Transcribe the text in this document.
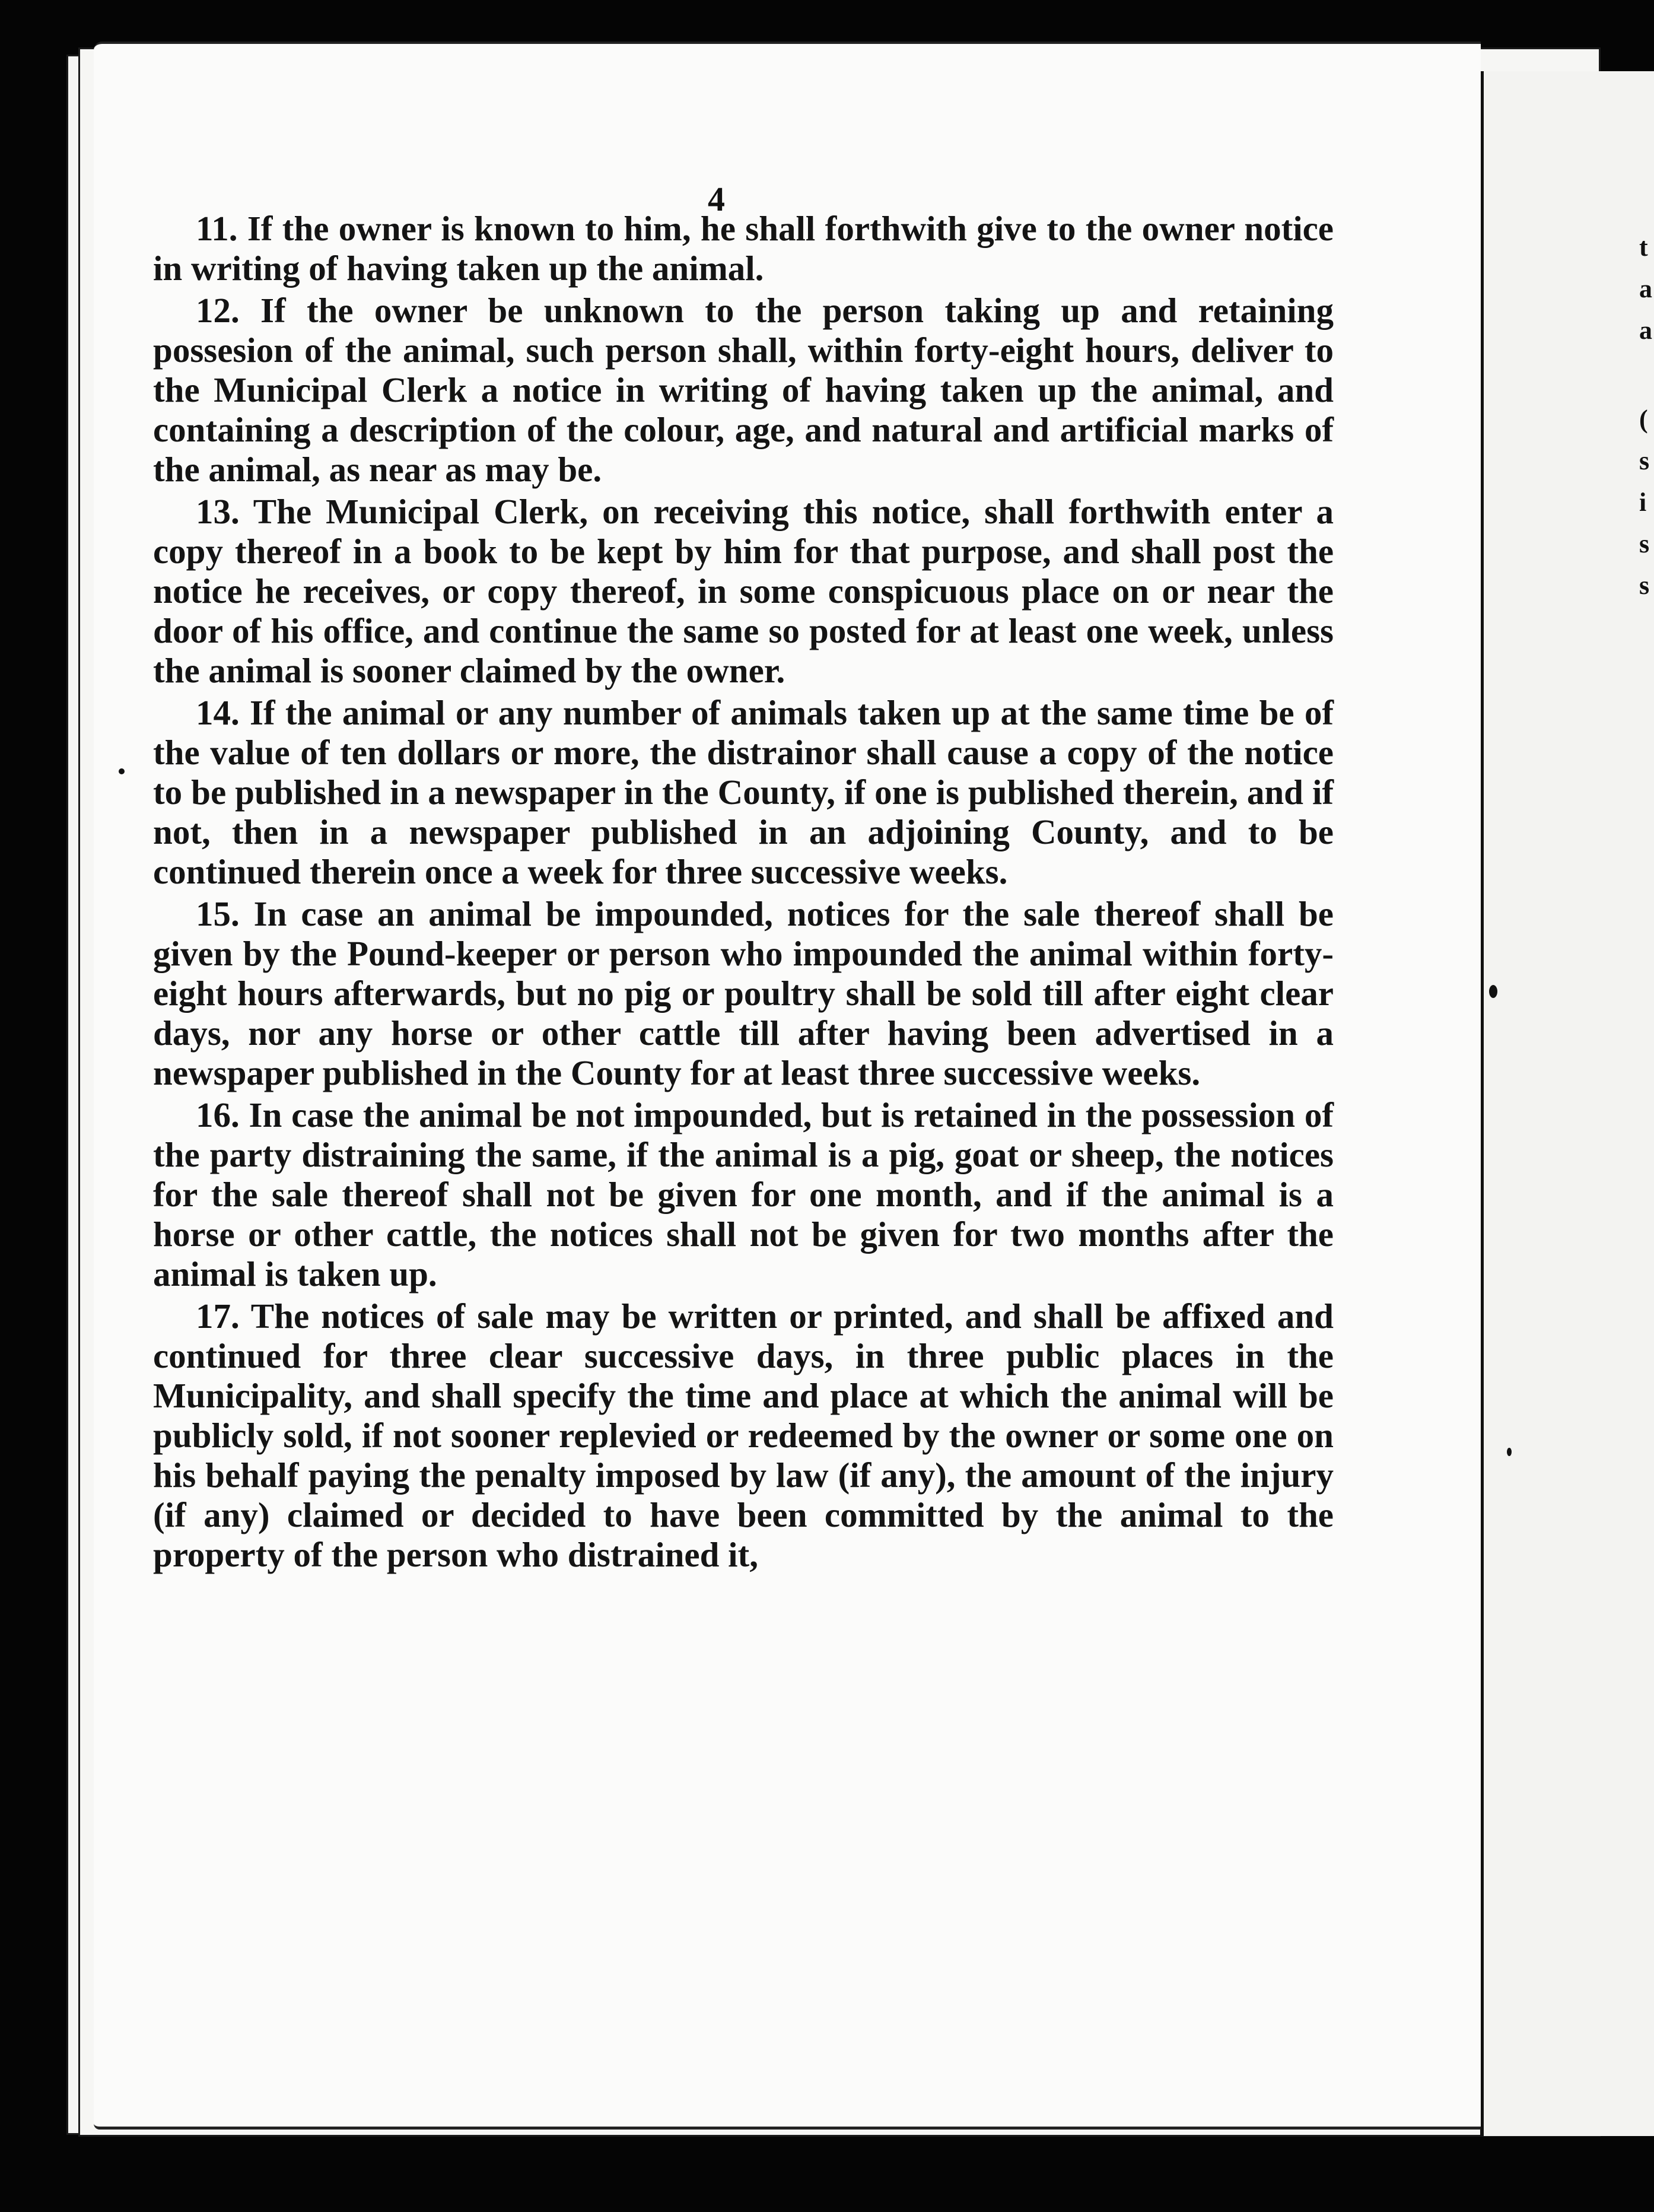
t
a
a
(
s
i
s
s
4

11. If the owner is known to him, he shall forthwith give to the owner notice in writing of having taken up the animal.

12. If the owner be unknown to the person taking up and retaining possesion of the animal, such person shall, within forty-eight hours, deliver to the Municipal Clerk a notice in writing of having taken up the animal, and containing a description of the colour, age, and natural and artificial marks of the animal, as near as may be.

13. The Municipal Clerk, on receiving this notice, shall forthwith enter a copy thereof in a book to be kept by him for that purpose, and shall post the notice he receives, or copy thereof, in some conspicuous place on or near the door of his office, and continue the same so posted for at least one week, unless the animal is sooner claimed by the owner.

14. If the animal or any number of animals taken up at the same time be of the value of ten dollars or more, the distrainor shall cause a copy of the notice to be published in a newspaper in the County, if one is published therein, and if not, then in a newspaper published in an adjoining County, and to be continued therein once a week for three successive weeks.

15. In case an animal be impounded, notices for the sale thereof shall be given by the Pound-keeper or person who impounded the animal within forty-eight hours afterwards, but no pig or poultry shall be sold till after eight clear days, nor any horse or other cattle till after having been advertised in a newspaper published in the County for at least three successive weeks.

16. In case the animal be not impounded, but is retained in the possession of the party distraining the same, if the animal is a pig, goat or sheep, the notices for the sale thereof shall not be given for one month, and if the animal is a horse or other cattle, the notices shall not be given for two months after the animal is taken up.

17. The notices of sale may be written or printed, and shall be affixed and continued for three clear successive days, in three public places in the Municipality, and shall specify the time and place at which the animal will be publicly sold, if not sooner replevied or redeemed by the owner or some one on his behalf paying the penalty imposed by law (if any), the amount of the injury (if any) claimed or decided to have been committed by the animal to the property of the person who distrained it,
